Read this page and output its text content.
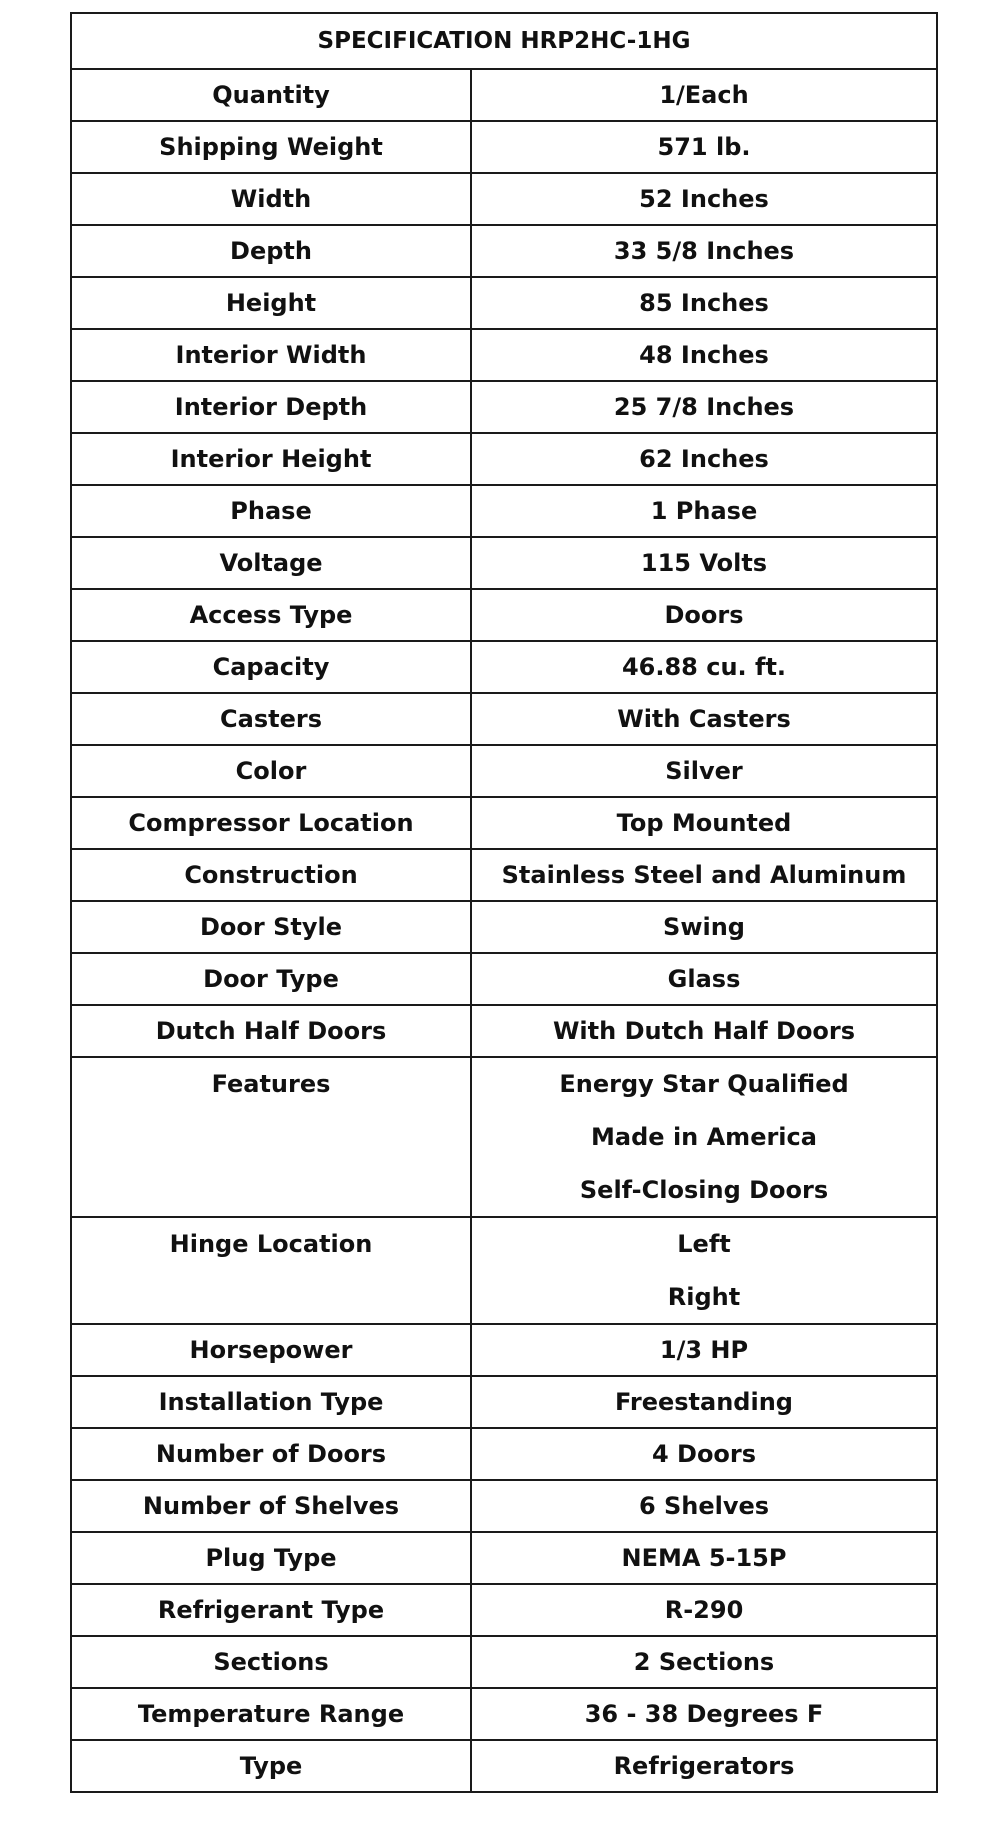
SPECIFICATION HRP2HC-1HG	
Quantity	1/Each
Shipping Weight	571 lb.
Width	52 Inches
Depth	33 5/8 Inches
Height	85 Inches
Interior Width	48 Inches
Interior Depth	25 7/8 Inches
Interior Height	62 Inches
Phase	1 Phase
Voltage	115 Volts
Access Type	Doors
Capacity	46.88 cu. ft.
Casters	With Casters
Color	Silver
Compressor Location	Top Mounted
Construction	Stainless Steel and Aluminum
Door Style	Swing
Door Type	Glass
Dutch Half Doors	With Dutch Half Doors
Features	Energy Star Qualified
Made in America
Self-Closing Doors

Hinge Location	Left
Right

Horsepower	1/3 HP
Installation Type	Freestanding
Number of Doors	4 Doors
Number of Shelves	6 Shelves
Plug Type	NEMA 5-15P
Refrigerant Type	R-290
Sections	2 Sections
Temperature Range	36 - 38 Degrees F
Type	Refrigerators
